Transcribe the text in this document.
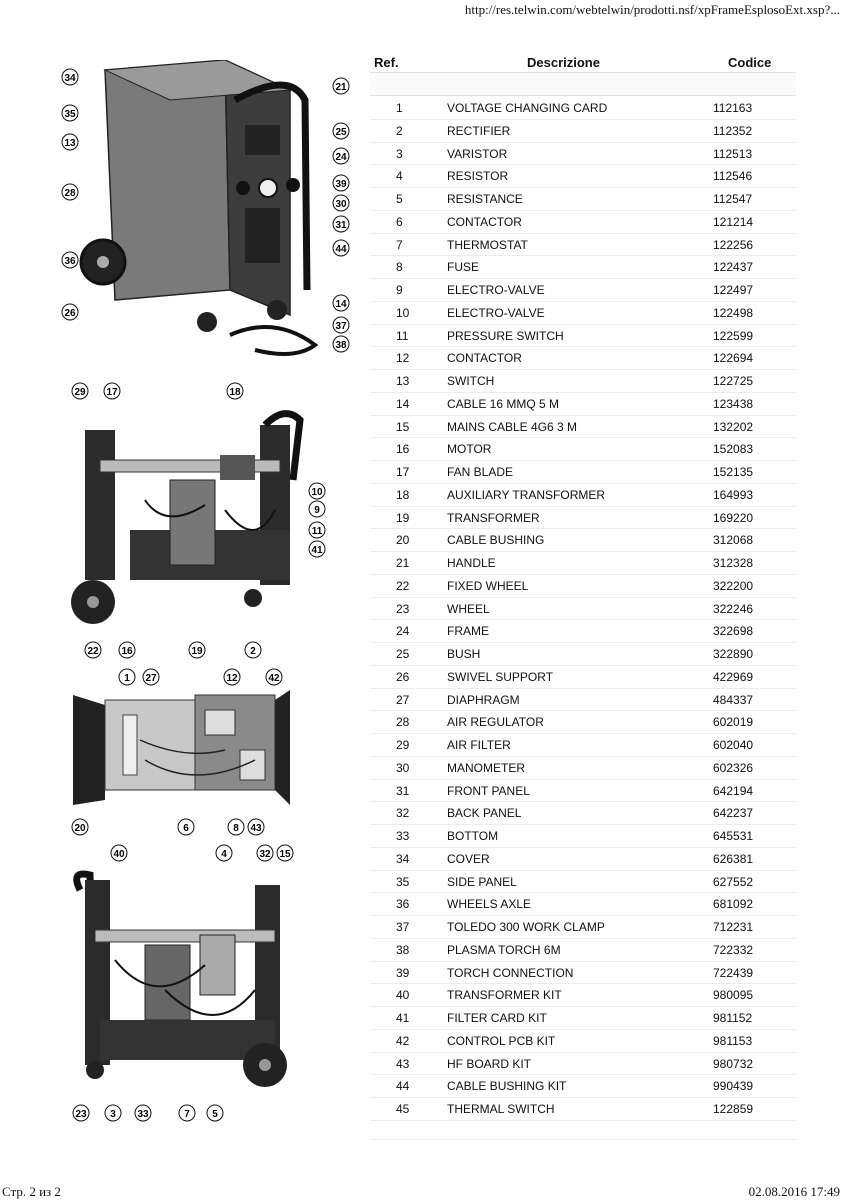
http://res.telwin.com/webtelwin/prodotti.nsf/xpFrameEsplosoExt.xsp?...
34
35
13
28
36
26
21
25
24
39
30
31
44
14
37
38
29 17	18
10
9
11
41
22 16	19	2
1 27	12	42
20	6	8 43
40	4	32 15
23 3 33	7 5
Ref.	Descrizione	Codice
1	VOLTAGE CHANGING CARD	112163
2	RECTIFIER	112352
3	VARISTOR	112513
4	RESISTOR	112546
5	RESISTANCE	112547
6	CONTACTOR	121214
7	THERMOSTAT	122256
8	FUSE	122437
9	ELECTRO-VALVE	122497
10	ELECTRO-VALVE	122498
11	PRESSURE SWITCH	122599
12	CONTACTOR	122694
13	SWITCH	122725
14	CABLE 16 MMQ 5 M	123438
15	MAINS CABLE 4G6 3 M	132202
16	MOTOR	152083
17	FAN BLADE	152135
18	AUXILIARY TRANSFORMER	164993
19	TRANSFORMER	169220
20	CABLE BUSHING	312068
21	HANDLE	312328
22	FIXED WHEEL	322200
23	WHEEL	322246
24	FRAME	322698
25	BUSH	322890
26	SWIVEL SUPPORT	422969
27	DIAPHRAGM	484337
28	AIR REGULATOR	602019
29	AIR FILTER	602040
30	MANOMETER	602326
31	FRONT PANEL	642194
32	BACK PANEL	642237
33	BOTTOM	645531
34	COVER	626381
35	SIDE PANEL	627552
36	WHEELS AXLE	681092
37	TOLEDO 300 WORK CLAMP	712231
38	PLASMA TORCH 6M	722332
39	TORCH CONNECTION	722439
40	TRANSFORMER KIT	980095
41	FILTER CARD KIT	981152
42	CONTROL PCB KIT	981153
43	HF BOARD KIT	980732
44	CABLE BUSHING KIT	990439
45	THERMAL SWITCH	122859
Стр. 2 из 2	02.08.2016 17:49
